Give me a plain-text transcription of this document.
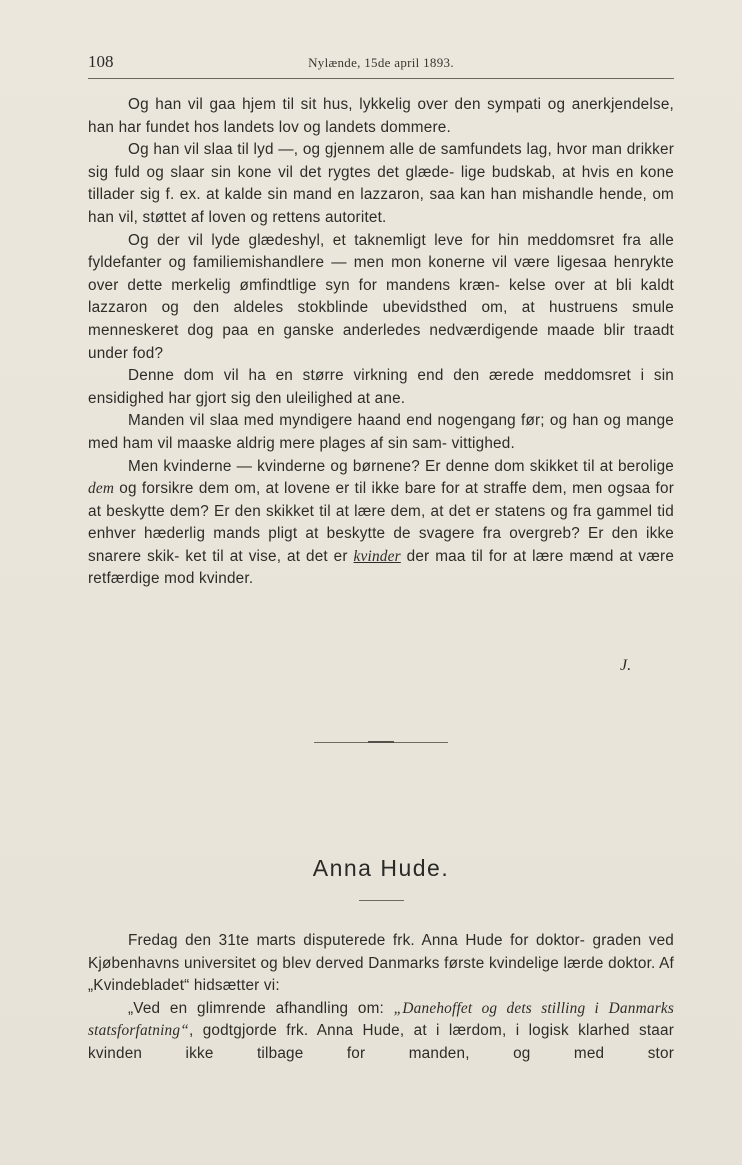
108	Nylænde, 15de april 1893.

Og han vil gaa hjem til sit hus, lykkelig over den sympati og anerkjendelse, han har fundet hos landets lov og landets dommere.

Og han vil slaa til lyd —, og gjennem alle de samfundets lag, hvor man drikker sig fuld og slaar sin kone vil det rygtes det glæde- lige budskab, at hvis en kone tillader sig f. ex. at kalde sin mand en lazzaron, saa kan han mishandle hende, om han vil, støttet af loven og rettens autoritet.

Og der vil lyde glædeshyl, et taknemligt leve for hin meddomsret fra alle fyldefanter og familiemishandlere — men mon konerne vil være ligesaa henrykte over dette merkelig ømfindtlige syn for mandens kræn- kelse over at bli kaldt lazzaron og den aldeles stokblinde ubevidsthed om, at hustruens smule menneskeret dog paa en ganske anderledes nedværdigende maade blir traadt under fod?

Denne dom vil ha en større virkning end den ærede meddomsret i sin ensidighed har gjort sig den uleilighed at ane.

Manden vil slaa med myndigere haand end nogengang før; og han og mange med ham vil maaske aldrig mere plages af sin sam- vittighed.

Men kvinderne — kvinderne og børnene? Er denne dom skikket til at berolige dem og forsikre dem om, at lovene er til ikke bare for at straffe dem, men ogsaa for at beskytte dem? Er den skikket til at lære dem, at det er statens og fra gammel tid enhver hæderlig mands pligt at beskytte de svagere fra overgreb? Er den ikke snarere skik- ket til at vise, at det er kvinder der maa til for at lære mænd at være retfærdige mod kvinder.

J.
Anna Hude.

Fredag den 31te marts disputerede frk. Anna Hude for doktor- graden ved Kjøbenhavns universitet og blev derved Danmarks første kvindelige lærde doktor. Af „Kvindebladet“ hidsætter vi:

„Ved en glimrende afhandling om: „Danehoffet og dets stilling i Danmarks statsforfatning“, godtgjorde frk. Anna Hude, at i lærdom, i logisk klarhed staar kvinden ikke tilbage for manden, og med stor
